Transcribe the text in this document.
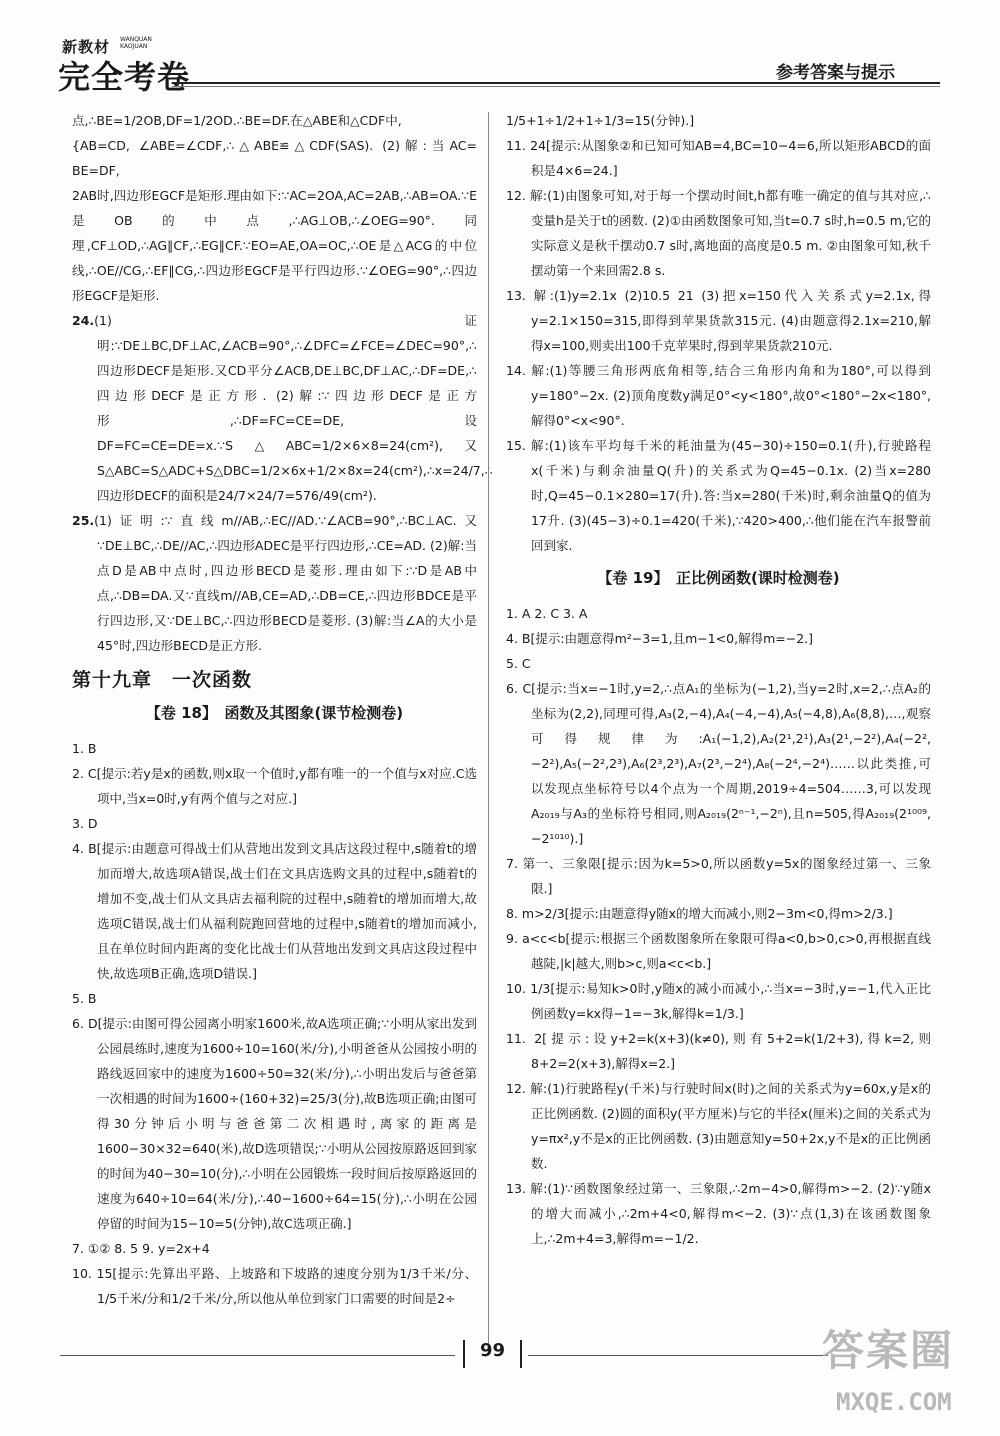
新教材 WANQUAN
KAOJUAN
完全考卷	参考答案与提示

点,∴BE=1/2OB,DF=1/2OD.∴BE=DF.在△ABE和△CDF中,

{AB=CD, ∠ABE=∠CDF,∴△ABE≌△CDF(SAS). (2)解:当AC= BE=DF,

2AB时,四边形EGCF是矩形.理由如下:∵AC=2OA,AC=2AB,∴AB=OA.∵E是OB的中点,∴AG⊥OB,∴∠OEG=90°.同理,CF⊥OD,∴AG∥CF,∴EG∥CF.∵EO=AE,OA=OC,∴OE是△ACG的中位线,∴OE//CG,∴EF∥CG,∴四边形EGCF是平行四边形.∵∠OEG=90°,∴四边形EGCF是矩形.

24.(1)证明:∵DE⊥BC,DF⊥AC,∠ACB=90°,∴∠DFC=∠FCE=∠DEC=90°,∴四边形DECF是矩形.又CD平分∠ACB,DE⊥BC,DF⊥AC,∴DF=DE,∴四边形DECF是正方形. (2)解:∵四边形DECF是正方形,∴DF=FC=CE=DE,设DF=FC=CE=DE=x.∵S△ABC=1/2×6×8=24(cm²),又S△ABC=S△ADC+S△DBC=1/2×6x+1/2×8x=24(cm²),∴x=24/7,∴四边形DECF的面积是24/7×24/7=576/49(cm²).

25.(1)证明:∵直线m//AB,∴EC//AD.∵∠ACB=90°,∴BC⊥AC.又∵DE⊥BC,∴DE//AC,∴四边形ADEC是平行四边形,∴CE=AD. (2)解:当点D是AB中点时,四边形BECD是菱形.理由如下:∵D是AB中点,∴DB=DA.又∵直线m//AB,CE=AD,∴DB=CE,∴四边形BDCE是平行四边形,又∵DE⊥BC,∴四边形BECD是菱形. (3)解:当∠A的大小是45°时,四边形BECD是正方形.

第十九章　一次函数
【卷 18】　函数及其图象(课节检测卷)

1. B

2. C[提示:若y是x的函数,则x取一个值时,y都有唯一的一个值与x对应.C选项中,当x=0时,y有两个值与之对应.]

3. D

4. B[提示:由题意可得战士们从营地出发到文具店这段过程中,s随着t的增加而增大,故选项A错误,战士们在文具店选购文具的过程中,s随着t的增加不变,战士们从文具店去福利院的过程中,s随着t的增加而增大,故选项C错误,战士们从福利院跑回营地的过程中,s随着t的增加而减小,且在单位时间内距离的变化比战士们从营地出发到文具店这段过程中快,故选项B正确,选项D错误.]

5. B

6. D[提示:由图可得公园离小明家1600米,故A选项正确;∵小明从家出发到公园晨练时,速度为1600÷10=160(米/分),小明爸爸从公园按小明的路线返回家中的速度为1600÷50=32(米/分),∴小明出发后与爸爸第一次相遇的时间为1600÷(160+32)=25/3(分),故B选项正确;由图可得30分钟后小明与爸爸第二次相遇时,离家的距离是1600−30×32=640(米),故D选项错误;∵小明从公园按原路返回到家的时间为40−30=10(分),∴小明在公园锻炼一段时间后按原路返回的速度为640÷10=64(米/分),∴40−1600÷64=15(分),∴小明在公园停留的时间为15−10=5(分钟),故C选项正确.]

7. ①② 8. 5 9. y=2x+4

10. 15[提示:先算出平路、上坡路和下坡路的速度分别为1/3千米/分、1/5千米/分和1/2千米/分,所以他从单位到家门口需要的时间是2÷

1/5+1÷1/2+1÷1/3=15(分钟).]

11. 24[提示:从图象②和已知可知AB=4,BC=10−4=6,所以矩形ABCD的面积是4×6=24.]

12. 解:(1)由图象可知,对于每一个摆动时间t,h都有唯一确定的值与其对应,∴变量h是关于t的函数. (2)①由函数图象可知,当t=0.7 s时,h=0.5 m,它的实际意义是秋千摆动0.7 s时,离地面的高度是0.5 m. ②由图象可知,秋千摆动第一个来回需2.8 s.

13. 解:(1)y=2.1x (2)10.5 21 (3)把x=150代入关系式y=2.1x,得y=2.1×150=315,即得到苹果货款315元. (4)由题意得2.1x=210,解得x=100,则卖出100千克苹果时,得到苹果货款210元.

14. 解:(1)等腰三角形两底角相等,结合三角形内角和为180°,可以得到y=180°−2x. (2)顶角度数y满足0°<y<180°,故0°<180°−2x<180°,解得0°<x<90°.

15. 解:(1)该车平均每千米的耗油量为(45−30)÷150=0.1(升),行驶路程x(千米)与剩余油量Q(升)的关系式为Q=45−0.1x. (2)当x=280时,Q=45−0.1×280=17(升).答:当x=280(千米)时,剩余油量Q的值为17升. (3)(45−3)÷0.1=420(千米),∵420>400,∴他们能在汽车报警前回到家.

【卷 19】　正比例函数(课时检测卷)

1. A 2. C 3. A

4. B[提示:由题意得m²−3=1,且m−1<0,解得m=−2.]

5. C

6. C[提示:当x=−1时,y=2,∴点A₁的坐标为(−1,2),当y=2时,x=2,∴点A₂的坐标为(2,2),同理可得,A₃(2,−4),A₄(−4,−4),A₅(−4,8),A₆(8,8),…,观察可得规律为:A₁(−1,2),A₂(2¹,2¹),A₃(2¹,−2²),A₄(−2²,−2²),A₅(−2²,2³),A₆(2³,2³),A₇(2³,−2⁴),A₈(−2⁴,−2⁴)……以此类推,可以发现点坐标符号以4个点为一个周期,2019÷4=504……3,可以发现A₂₀₁₉与A₃的坐标符号相同,则A₂₀₁₉(2ⁿ⁻¹,−2ⁿ),且n=505,得A₂₀₁₉(2¹⁰⁰⁹,−2¹⁰¹⁰).]

7. 第一、三象限[提示:因为k=5>0,所以函数y=5x的图象经过第一、三象限.]

8. m>2/3[提示:由题意得y随x的增大而减小,则2−3m<0,得m>2/3.]

9. a<c<b[提示:根据三个函数图象所在象限可得a<0,b>0,c>0,再根据直线越陡,|k|越大,则b>c,则a<c<b.]

10. 1/3[提示:易知k>0时,y随x的减小而减小,∴当x=−3时,y=−1,代入正比例函数y=kx得−1=−3k,解得k=1/3.]

11. 2[提示:设y+2=k(x+3)(k≠0),则有5+2=k(1/2+3),得k=2,则8+2=2(x+3),解得x=2.]

12. 解:(1)行驶路程y(千米)与行驶时间x(时)之间的关系式为y=60x,y是x的正比例函数. (2)圆的面积y(平方厘米)与它的半径x(厘米)之间的关系式为y=πx²,y不是x的正比例函数. (3)由题意知y=50+2x,y不是x的正比例函数.

13. 解:(1)∵函数图象经过第一、三象限,∴2m−4>0,解得m>−2. (2)∵y随x的增大而减小,∴2m+4<0,解得m<−2. (3)∵点(1,3)在该函数图象上,∴2m+4=3,解得m=−1/2.

99	答案圈
MXQE.COM
